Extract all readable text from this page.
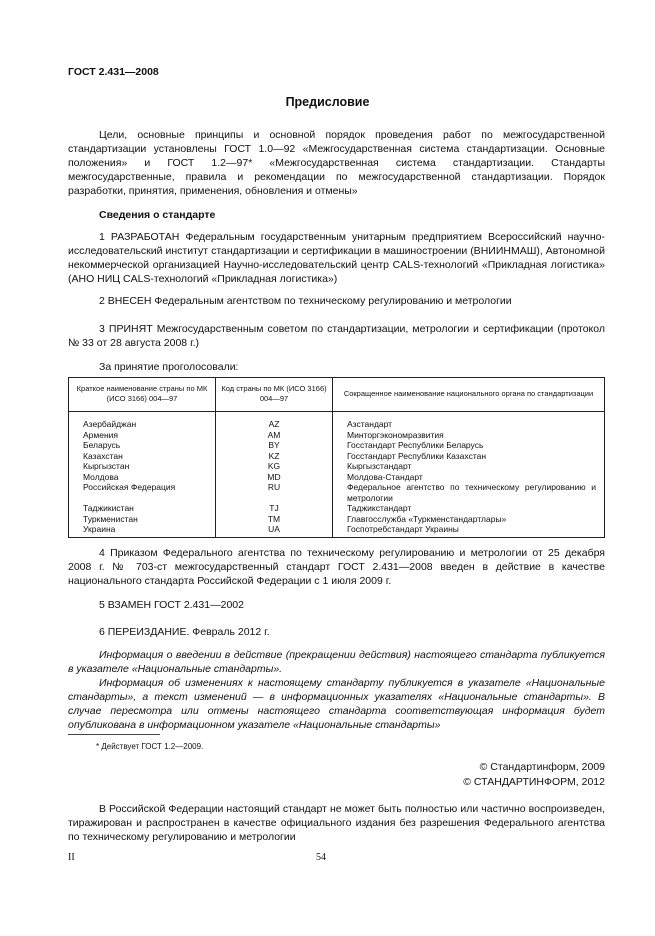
ГОСТ 2.431—2008
Предисловие

Цели, основные принципы и основной порядок проведения работ по межгосударственной стандартизации установлены ГОСТ 1.0—92 «Межгосударственная система стандартизации. Основные положения» и ГОСТ 1.2—97* «Межгосударственная система стандартизации. Стандарты межгосударственные, правила и рекомендации по межгосударственной стандартизации. Порядок разработки, принятия, применения, обновления и отмены»

Сведения о стандарте

1 РАЗРАБОТАН Федеральным государственным унитарным предприятием Всероссийский научно-исследовательский институт стандартизации и сертификации в машиностроении (ВНИИНМАШ), Автономной некоммерческой организацией Научно-исследовательский центр CALS-технологий «Прикладная логистика» (АНО НИЦ CALS-технологий «Прикладная логистика»)

2 ВНЕСЕН Федеральным агентством по техническому регулированию и метрологии

3 ПРИНЯТ Межгосударственным советом по стандартизации, метрологии и сертификации (протокол № 33 от 28 августа 2008 г.)

За принятие проголосовали:

Краткое наименование страны по МК (ИСО 3166) 004—97	Код страны по МК (ИСО 3166) 004—97	Сокращенное наименование национального органа по стандартизации
Азербайджан	AZ	Азстандарт
Армения	AM	Минторгэкономразвития
Беларусь	BY	Госстандарт Республики Беларусь
Казахстан	KZ	Госстандарт Республики Казахстан
Кыргызстан	KG	Кыргызстандарт
Молдова	MD	Молдова-Стандарт
Российская Федерация	RU	Федеральное агентство по техническому регулированию и метрологии
Таджикистан	TJ	Таджикстандарт
Туркменистан	TM	Главгосслужба «Туркменстандартлары»
Украина	UA	Госпотребстандарт Украины

4 Приказом Федерального агентства по техническому регулированию и метрологии от 25 декабря 2008 г. № 703-ст межгосударственный стандарт ГОСТ 2.431—2008 введен в действие в качестве национального стандарта Российской Федерации с 1 июля 2009 г.

5 ВЗАМЕН ГОСТ 2.431—2002

6 ПЕРЕИЗДАНИЕ. Февраль 2012 г.

Информация о введении в действие (прекращении действия) настоящего стандарта публикуется в указателе «Национальные стандарты».

Информация об изменениях к настоящему стандарту публикуется в указателе «Национальные стандарты», а текст изменений — в информационных указателях «Национальные стандарты». В случае пересмотра или отмены настоящего стандарта соответствующая информация будет опубликована в информационном указателе «Национальные стандарты»

* Действует ГОСТ 1.2—2009.
© Стандартинформ, 2009
© СТАНДАРТИНФОРМ, 2012

В Российской Федерации настоящий стандарт не может быть полностью или частично воспроизведен, тиражирован и распространен в качестве официального издания без разрешения Федерального агентства по техническому регулированию и метрологии

II	54
